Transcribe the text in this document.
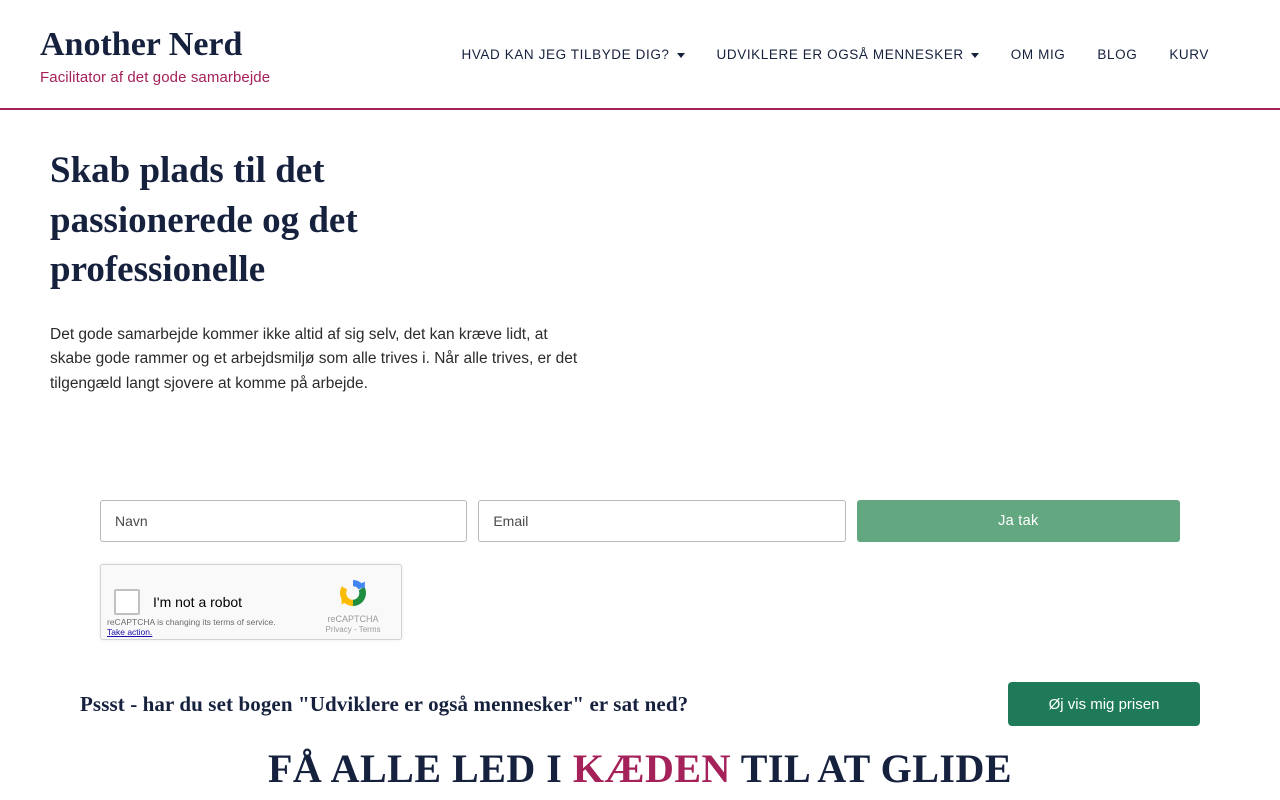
Another Nerd
Facilitator af det gode samarbejde
HVAD KAN JEG TILBYDE DIG?	UDVIKLERE ER OGSÅ MENNESKER	OM MIG BLOG KURV
Skab plads til det passionerede og det professionelle

Det gode samarbejde kommer ikke altid af sig selv, det kan kræve lidt, at skabe gode rammer og et arbejdsmiljø som alle trives i. Når alle trives, er det tilgengæld langt sjovere at komme på arbejde.

Navn
Email
Ja tak
I'm not a robot
reCAPTCHA
Privacy - Terms
reCAPTCHA is changing its terms of service.
Take action.
Pssst - har du set bogen "Udviklere er også mennesker" er sat ned?	Øj vis mig prisen
FÅ ALLE LED I KÆDEN TIL AT GLIDE
